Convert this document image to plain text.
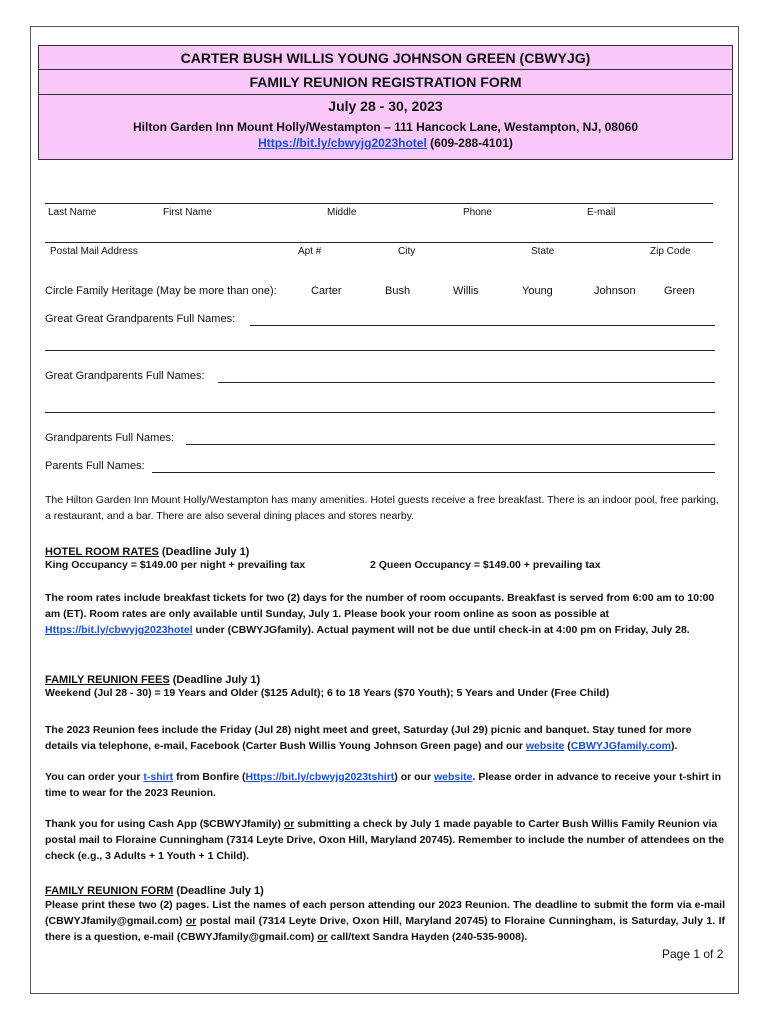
CARTER BUSH WILLIS YOUNG JOHNSON GREEN (CBWYJG)
FAMILY REUNION REGISTRATION FORM
July 28 - 30, 2023
Hilton Garden Inn Mount Holly/Westampton – 111 Hancock Lane, Westampton, NJ, 08060
Https://bit.ly/cbwyjg2023hotel (609-288-4101)
Last Name	First Name	Middle	Phone	E-mail
Postal Mail Address	Apt #	City	State	Zip Code
Circle Family Heritage (May be more than one):	Carter	Bush	Willis	Young	Johnson	Green
Great Great Grandparents Full Names:
Great Grandparents Full Names:
Grandparents Full Names:
Parents Full Names:
The Hilton Garden Inn Mount Holly/Westampton has many amenities. Hotel guests receive a free breakfast. There is an indoor pool, free parking, a restaurant, and a bar. There are also several dining places and stores nearby.
HOTEL ROOM RATES (Deadline July 1)
King Occupancy = $149.00 per night + prevailing tax	2 Queen Occupancy = $149.00 + prevailing tax
The room rates include breakfast tickets for two (2) days for the number of room occupants. Breakfast is served from 6:00 am to 10:00 am (ET). Room rates are only available until Sunday, July 1. Please book your room online as soon as possible at Https://bit.ly/cbwyjg2023hotel under (CBWYJGfamily). Actual payment will not be due until check-in at 4:00 pm on Friday, July 28.
FAMILY REUNION FEES (Deadline July 1)
Weekend (Jul 28 - 30) = 19 Years and Older ($125 Adult); 6 to 18 Years ($70 Youth); 5 Years and Under (Free Child)
The 2023 Reunion fees include the Friday (Jul 28) night meet and greet, Saturday (Jul 29) picnic and banquet. Stay tuned for more details via telephone, e-mail, Facebook (Carter Bush Willis Young Johnson Green page) and our website (CBWYJGfamily.com).
You can order your t-shirt from Bonfire (Https://bit.ly/cbwyjg2023tshirt) or our website. Please order in advance to receive your t-shirt in time to wear for the 2023 Reunion.
Thank you for using Cash App ($CBWYJfamily) or submitting a check by July 1 made payable to Carter Bush Willis Family Reunion via postal mail to Floraine Cunningham (7314 Leyte Drive, Oxon Hill, Maryland 20745). Remember to include the number of attendees on the check (e.g., 3 Adults + 1 Youth + 1 Child).
FAMILY REUNION FORM (Deadline July 1)
Please print these two (2) pages. List the names of each person attending our 2023 Reunion. The deadline to submit the form via e-mail (CBWYJfamily@gmail.com) or postal mail (7314 Leyte Drive, Oxon Hill, Maryland 20745) to Floraine Cunningham, is Saturday, July 1. If there is a question, e-mail (CBWYJfamily@gmail.com) or call/text Sandra Hayden (240-535-9008).
Page 1 of 2
